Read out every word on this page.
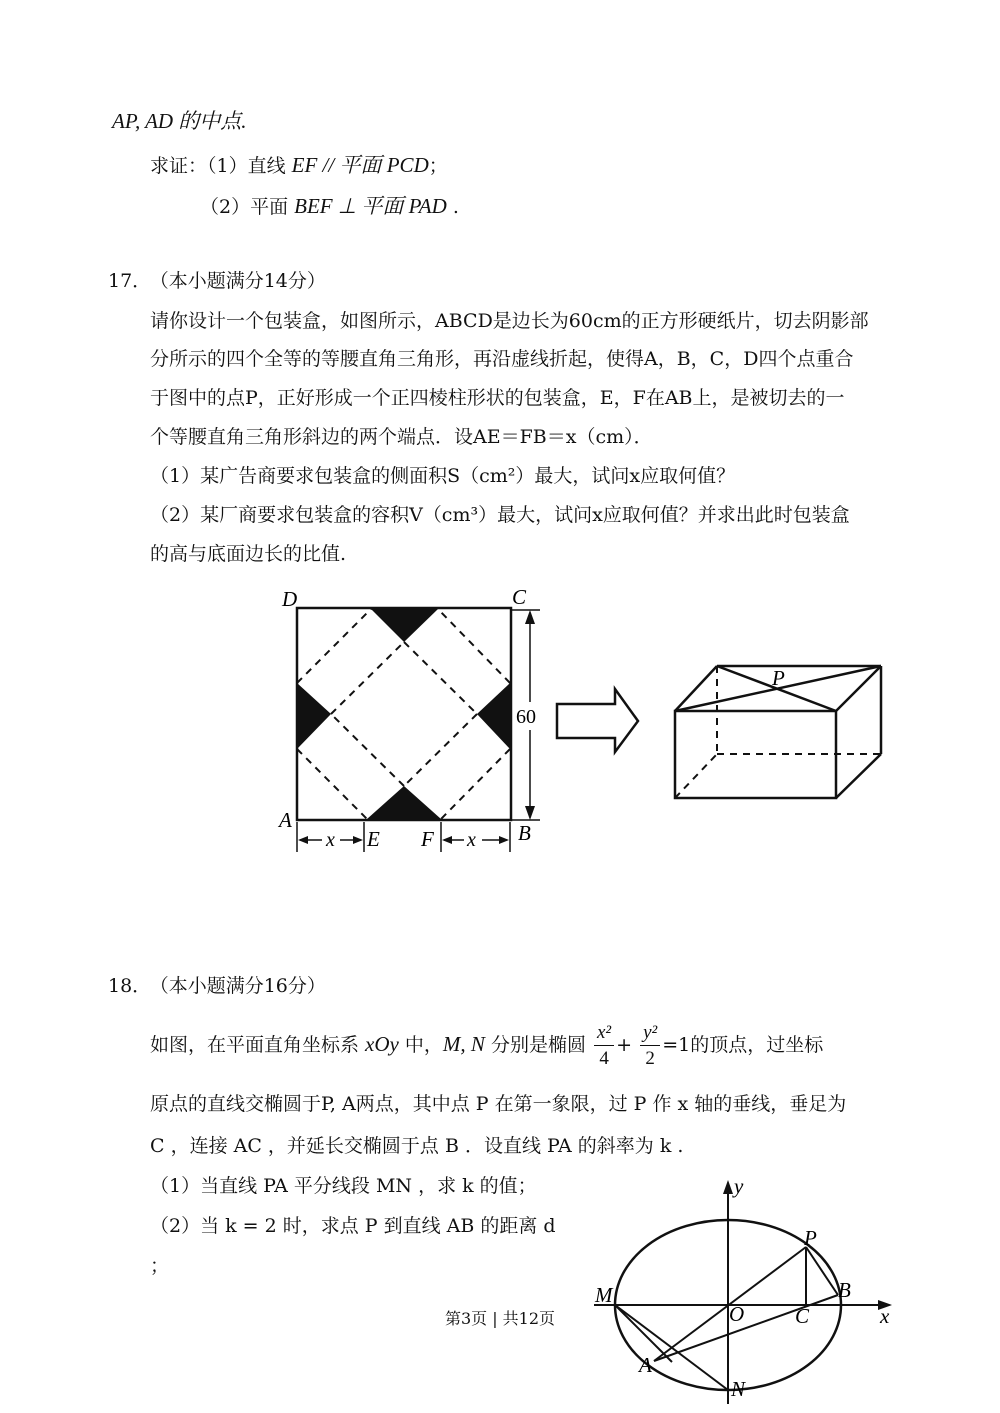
AP, AD 的中点.
求证：（1）直线 EF // 平面 PCD；
（2）平面 BEF ⊥ 平面 PAD .
17． （本小题满分14分）
请你设计一个包装盒，如图所示，ABCD是边长为60cm的正方形硬纸片，切去阴影部
分所示的四个全等的等腰直角三角形，再沿虚线折起，使得A，B，C，D四个点重合
于图中的点P，正好形成一个正四棱柱形状的包装盒，E，F在AB上，是被切去的一
个等腰直角三角形斜边的两个端点．设AE＝FB＝x（cm）．
（1）某广告商要求包装盒的侧面积S（cm²）最大，试问x应取何值？
（2）某厂商要求包装盒的容积V（cm³）最大，试问x应取何值？并求出此时包装盒
的高与底面边长的比值.
60
x	x
D	C
A
B
E F
P
18． （本小题满分16分）
如图，在平面直角坐标系 xOy 中，M, N 分别是椭圆 $\frac{\text{x²}}{4} + \frac{\text{y²}}{2} =1$的顶点，过坐标
原点的直线交椭圆于P, A两点，其中点 P 在第一象限，过 P 作 x 轴的垂线，垂足为
C ，连接 AC ，并延长交椭圆于点 B ．设直线 PA 的斜率为 k .
（1）当直线 PA 平分线段 MN ，求 k 的值；
（2）当 k = 2 时，求点 P 到直线 AB 的距离 d
；
y
x
P
B
M
O C
A
N
第3页 | 共12页
